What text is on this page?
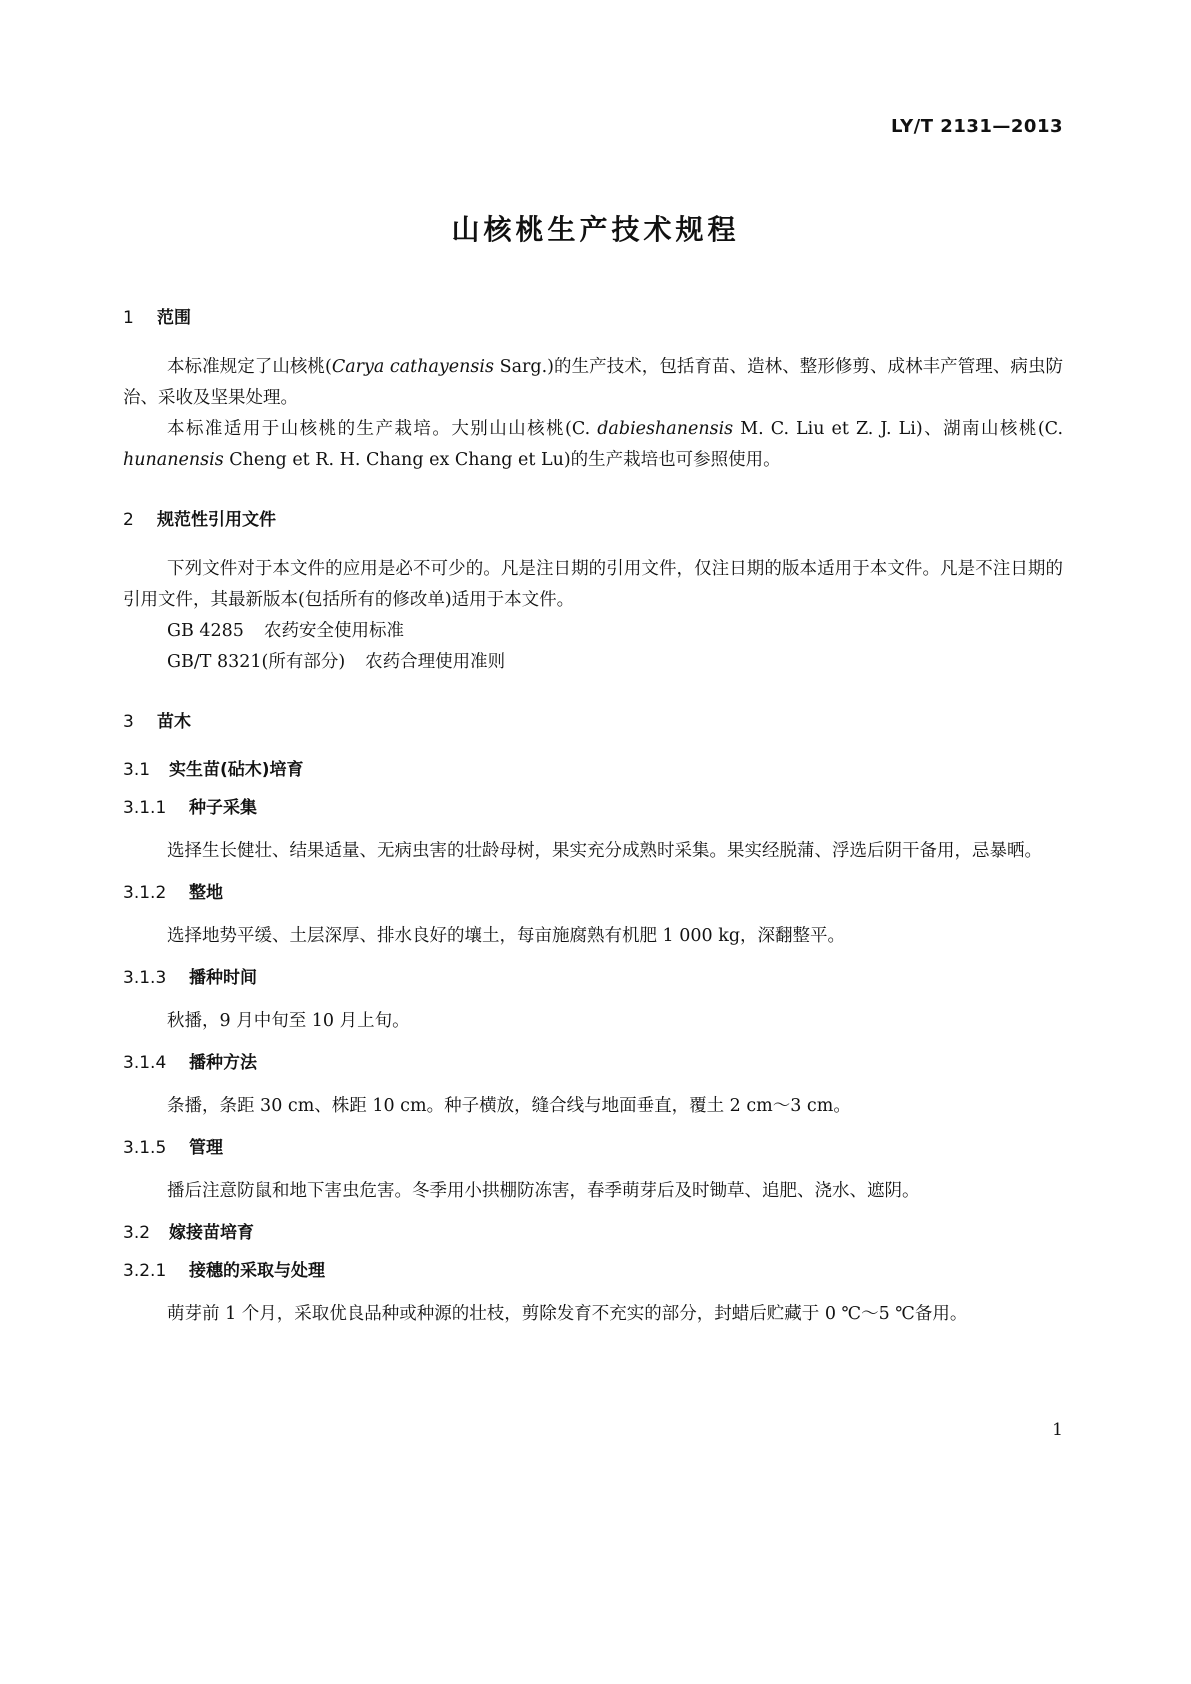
LY/T 2131—2013
山核桃生产技术规程
1	范围

本标准规定了山核桃(Carya cathayensis Sarg.)的生产技术，包括育苗、造林、整形修剪、成林丰产管理、病虫防治、采收及坚果处理。

本标准适用于山核桃的生产栽培。大别山山核桃(C. dabieshanensis M. C. Liu et Z. J. Li)、湖南山核桃(C. hunanensis Cheng et R. H. Chang ex Chang et Lu)的生产栽培也可参照使用。

2	规范性引用文件

下列文件对于本文件的应用是必不可少的。凡是注日期的引用文件，仅注日期的版本适用于本文件。凡是不注日期的引用文件，其最新版本(包括所有的修改单)适用于本文件。

GB 4285 农药安全使用标准
GB/T 8321(所有部分) 农药合理使用准则
3	苗木
3.1	实生苗(砧木)培育
3.1.1	种子采集

选择生长健壮、结果适量、无病虫害的壮龄母树，果实充分成熟时采集。果实经脱蒲、浮选后阴干备用，忌暴晒。

3.1.2	整地

选择地势平缓、土层深厚、排水良好的壤土，每亩施腐熟有机肥 1 000 kg，深翻整平。

3.1.3	播种时间

秋播，9 月中旬至 10 月上旬。

3.1.4	播种方法

条播，条距 30 cm、株距 10 cm。种子横放，缝合线与地面垂直，覆土 2 cm～3 cm。

3.1.5	管理

播后注意防鼠和地下害虫危害。冬季用小拱棚防冻害，春季萌芽后及时锄草、追肥、浇水、遮阴。

3.2	嫁接苗培育
3.2.1	接穗的采取与处理

萌芽前 1 个月，采取优良品种或种源的壮枝，剪除发育不充实的部分，封蜡后贮藏于 0 ℃～5 ℃备用。

1
